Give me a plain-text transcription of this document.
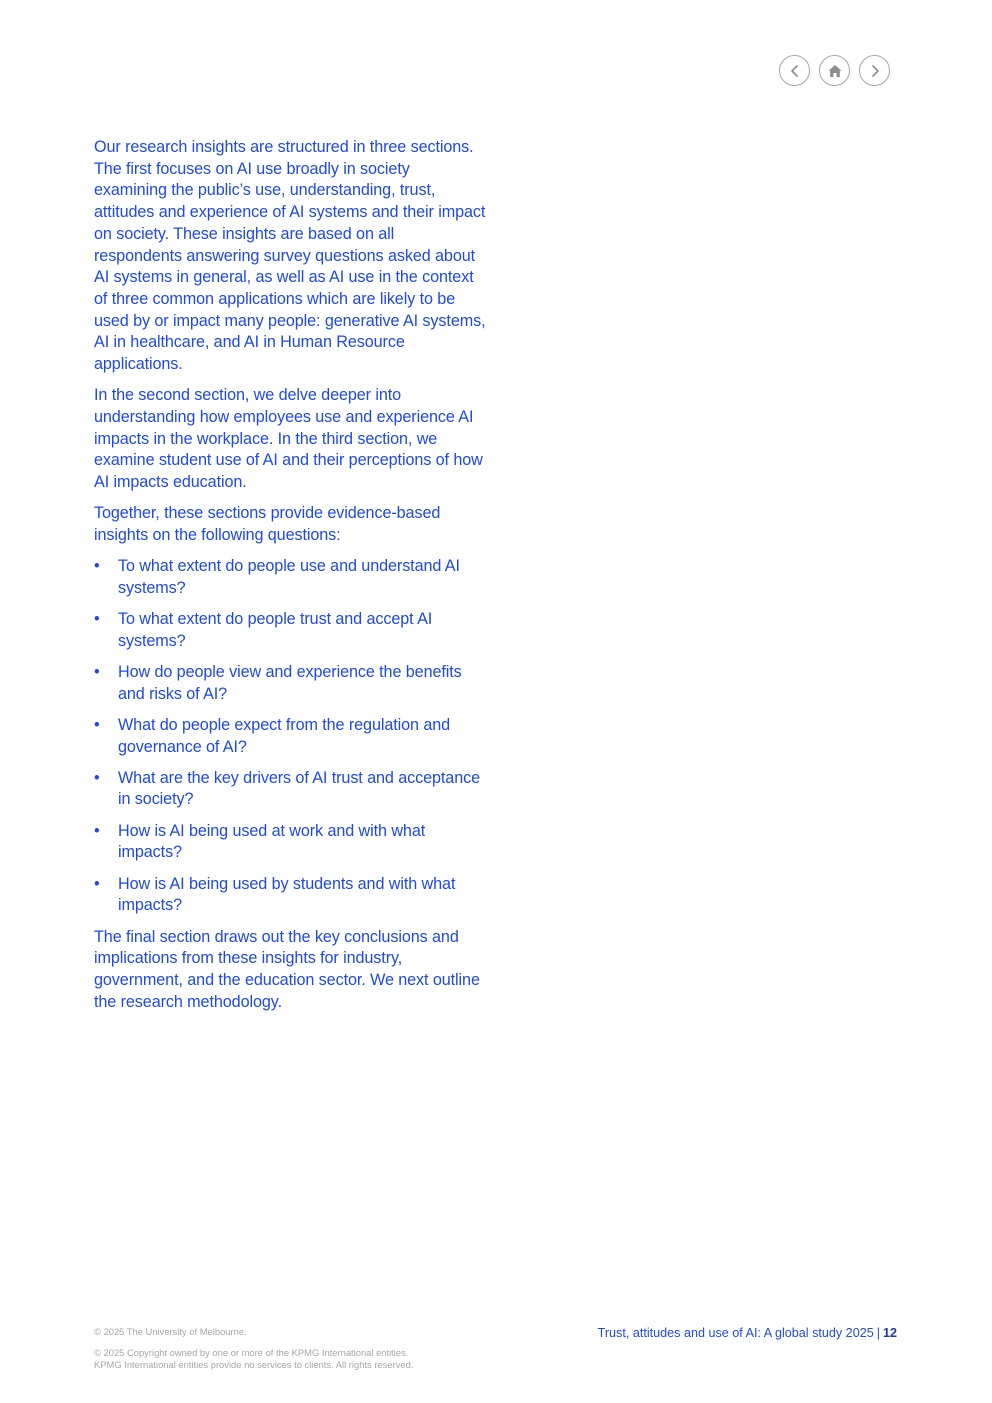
Our research insights are structured in three sections. The first focuses on AI use broadly in society examining the public’s use, understanding, trust, attitudes and experience of AI systems and their impact on society. These insights are based on all respondents answering survey questions asked about AI systems in general, as well as AI use in the context of three common applications which are likely to be used by or impact many people: generative AI systems, AI in healthcare, and AI in Human Resource applications.

In the second section, we delve deeper into understanding how employees use and experience AI impacts in the workplace. In the third section, we examine student use of AI and their perceptions of how AI impacts education.

Together, these sections provide evidence-based insights on the following questions:

• To what extent do people use and understand AI systems?
• To what extent do people trust and accept AI systems?
• How do people view and experience the benefits and risks of AI?
• What do people expect from the regulation and governance of AI?
• What are the key drivers of AI trust and acceptance in society?
• How is AI being used at work and with what impacts?
• How is AI being used by students and with what impacts?

The final section draws out the key conclusions and implications from these insights for industry, government, and the education sector. We next outline the research methodology.

© 2025 The University of Melbourne.
© 2025 Copyright owned by one or more of the KPMG International entities.
KPMG International entities provide no services to clients. All rights reserved.
Trust, attitudes and use of AI: A global study 2025 | 12
